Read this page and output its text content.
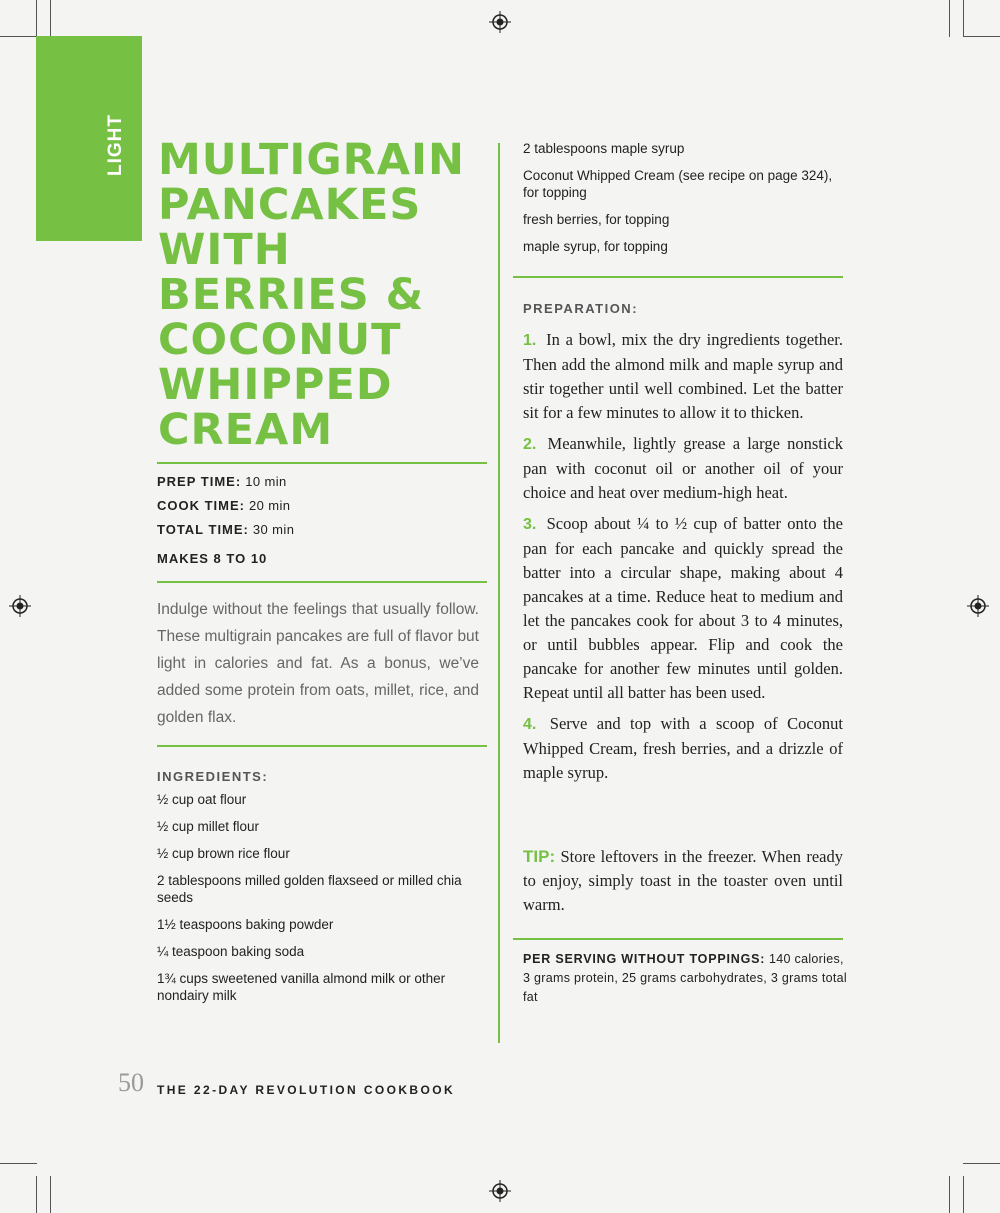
LIGHT MULTIGRAIN
PANCAKES
WITH
BERRIES &
COCONUT
WHIPPED
CREAM
PREP TIME: 10 min
COOK TIME: 20 min
TOTAL TIME: 30 min
MAKES 8 TO 10

Indulge without the feelings that usually follow. These multigrain pancakes are full of flavor but light in calories and fat. As a bonus, we’ve added some protein from oats, millet, rice, and golden flax.

INGREDIENTS:
½ cup oat flour
½ cup millet flour
½ cup brown rice flour
2 tablespoons milled golden flaxseed or milled chia seeds
1½ teaspoons baking powder
¼ teaspoon baking soda
1¾ cups sweetened vanilla almond milk or other nondairy milk
2 tablespoons maple syrup
Coconut Whipped Cream (see recipe on page 324), for topping
fresh berries, for topping
maple syrup, for topping
PREPARATION:
1. In a bowl, mix the dry ingredients together. Then add the almond milk and maple syrup and stir together until well combined. Let the batter sit for a few minutes to allow it to thicken.
2. Meanwhile, lightly grease a large nonstick pan with coconut oil or another oil of your choice and heat over medium-high heat.
3. Scoop about ¼ to ½ cup of batter onto the pan for each pancake and quickly spread the batter into a circular shape, making about 4 pancakes at a time. Reduce heat to medium and let the pancakes cook for about 3 to 4 minutes, or until bubbles appear. Flip and cook the pancake for another few minutes until golden. Repeat until all batter has been used.
4. Serve and top with a scoop of Coconut Whipped Cream, fresh berries, and a drizzle of maple syrup.

TIP: Store leftovers in the freezer. When ready to enjoy, simply toast in the toaster oven until warm.

PER SERVING WITHOUT TOPPINGS: 140 calories, 3 grams protein, 25 grams carbohydrates, 3 grams total fat

50 THE 22-DAY REVOLUTION COOKBOOK
